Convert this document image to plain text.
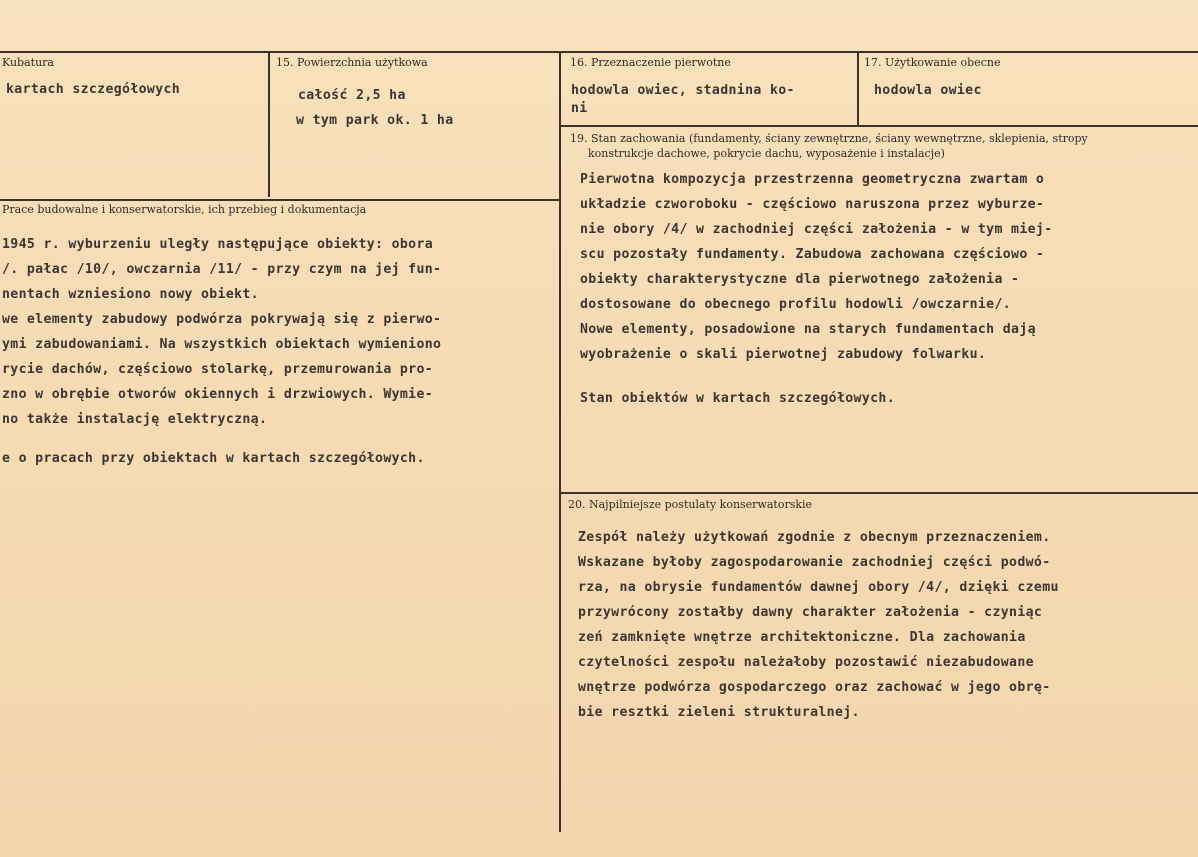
Kubatura
kartach szczegółowych
15. Powierzchnia użytkowa
całość 2,5 ha
w tym park ok. 1 ha
16. Przeznaczenie pierwotne
hodowla owiec, stadnina ko-
ni
17. Użytkowanie obecne
hodowla owiec
Prace budowalne i konserwatorskie, ich przebieg i dokumentacja
1945 r. wyburzeniu uległy następujące obiekty: obora
/. pałac /10/, owczarnia /11/ - przy czym na jej fun-
nentach wzniesiono nowy obiekt.
we elementy zabudowy podwórza pokrywają się z pierwo-
ymi zabudowaniami. Na wszystkich obiektach wymieniono
rycie dachów, częściowo stolarkę, przemurowania pro-
zno w obrębie otworów okiennych i drzwiowych. Wymie-
no także instalację elektryczną.
e o pracach przy obiektach w kartach szczegółowych.
19. Stan zachowania (fundamenty, ściany zewnętrzne, ściany wewnętrzne, sklepienia, stropy
konstrukcje dachowe, pokrycie dachu, wyposażenie i instalacje)
Pierwotna kompozycja przestrzenna geometryczna zwartam o
układzie czworoboku - częściowo naruszona przez wyburze-
nie obory /4/ w zachodniej części założenia - w tym miej-
scu pozostały fundamenty. Zabudowa zachowana częściowo -
obiekty charakterystyczne dla pierwotnego założenia -
dostosowane do obecnego profilu hodowli /owczarnie/.
Nowe elementy, posadowione na starych fundamentach dają
wyobrażenie o skali pierwotnej zabudowy folwarku.
Stan obiektów w kartach szczegółowych.
20. Najpilniejsze postulaty konserwatorskie
Zespół należy użytkowań zgodnie z obecnym przeznaczeniem.
Wskazane byłoby zagospodarowanie zachodniej części podwó-
rza, na obrysie fundamentów dawnej obory /4/, dzięki czemu
przywrócony zostałby dawny charakter założenia - czyniąc
zeń zamknięte wnętrze architektoniczne. Dla zachowania
czytelności zespołu należałoby pozostawić niezabudowane
wnętrze podwórza gospodarczego oraz zachować w jego obrę-
bie resztki zieleni strukturalnej.
